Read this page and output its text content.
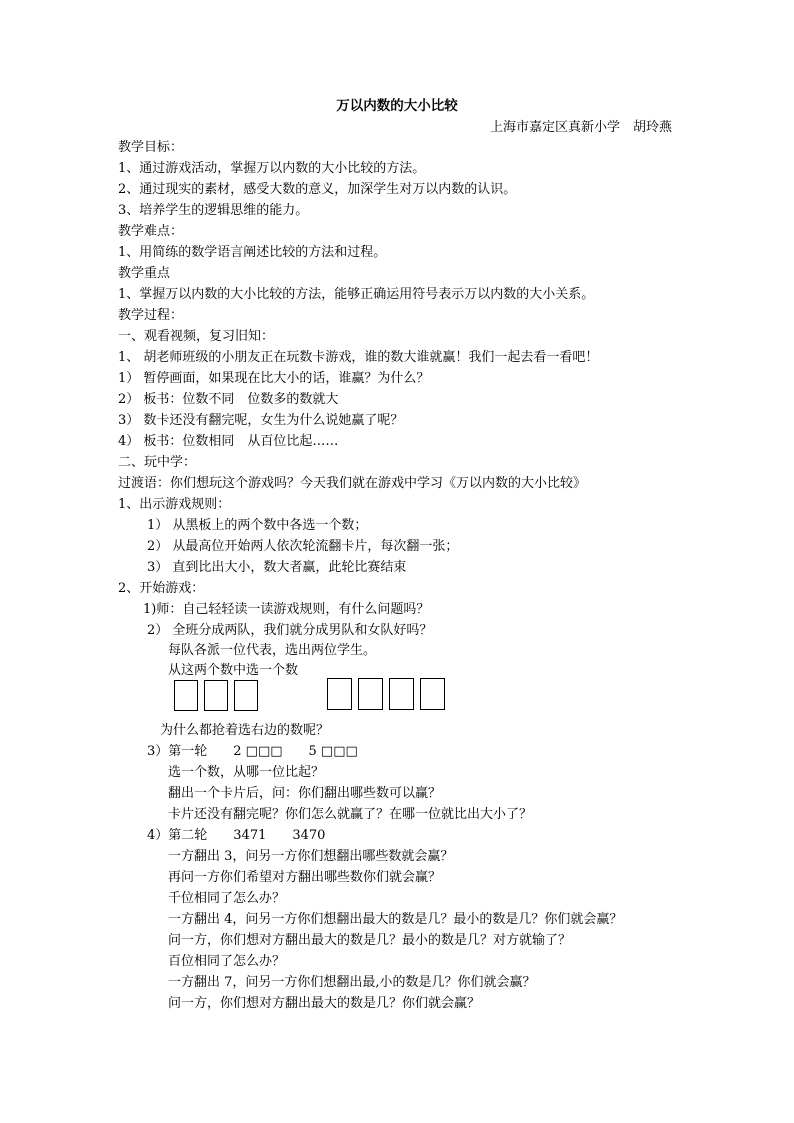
万以内数的大小比较
上海市嘉定区真新小学　胡玲燕
教学目标：
1、通过游戏活动，掌握万以内数的大小比较的方法。
2、通过现实的素材，感受大数的意义，加深学生对万以内数的认识。
3、培养学生的逻辑思维的能力。
教学难点：
1、用简练的数学语言阐述比较的方法和过程。
教学重点
1、掌握万以内数的大小比较的方法，能够正确运用符号表示万以内数的大小关系。
教学过程：
一、观看视频，复习旧知：
1、 胡老师班级的小朋友正在玩数卡游戏，谁的数大谁就赢！我们一起去看一看吧！
1） 暂停画面，如果现在比大小的话，谁赢？为什么？
2） 板书：位数不同　位数多的数就大
3） 数卡还没有翻完呢，女生为什么说她赢了呢？
4） 板书：位数相同　从百位比起……
二、玩中学：
过渡语：你们想玩这个游戏吗？今天我们就在游戏中学习《万以内数的大小比较》
1、出示游戏规则：
1） 从黑板上的两个数中各选一个数；
2） 从最高位开始两人依次轮流翻卡片，每次翻一张；
3） 直到比出大小，数大者赢，此轮比赛结束
2、开始游戏：
1)师：自己轻轻读一读游戏规则，有什么问题吗？
2） 全班分成两队，我们就分成男队和女队好吗？
每队各派一位代表，选出两位学生。
从这两个数中选一个数
为什么都抢着选右边的数呢？
3）第一轮　　2 □□□　　5 □□□
选一个数，从哪一位比起？
翻出一个卡片后，问：你们翻出哪些数可以赢？
卡片还没有翻完呢？你们怎么就赢了？在哪一位就比出大小了？
4）第二轮　　3471　　3470
一方翻出 3，问另一方你们想翻出哪些数就会赢？
再问一方你们希望对方翻出哪些数你们就会赢？
千位相同了怎么办？
一方翻出 4，问另一方你们想翻出最大的数是几？最小的数是几？你们就会赢？
问一方，你们想对方翻出最大的数是几？最小的数是几？对方就输了？
百位相同了怎么办？
一方翻出 7，问另一方你们想翻出最,小的数是几？你们就会赢？
问一方，你们想对方翻出最大的数是几？你们就会赢？
